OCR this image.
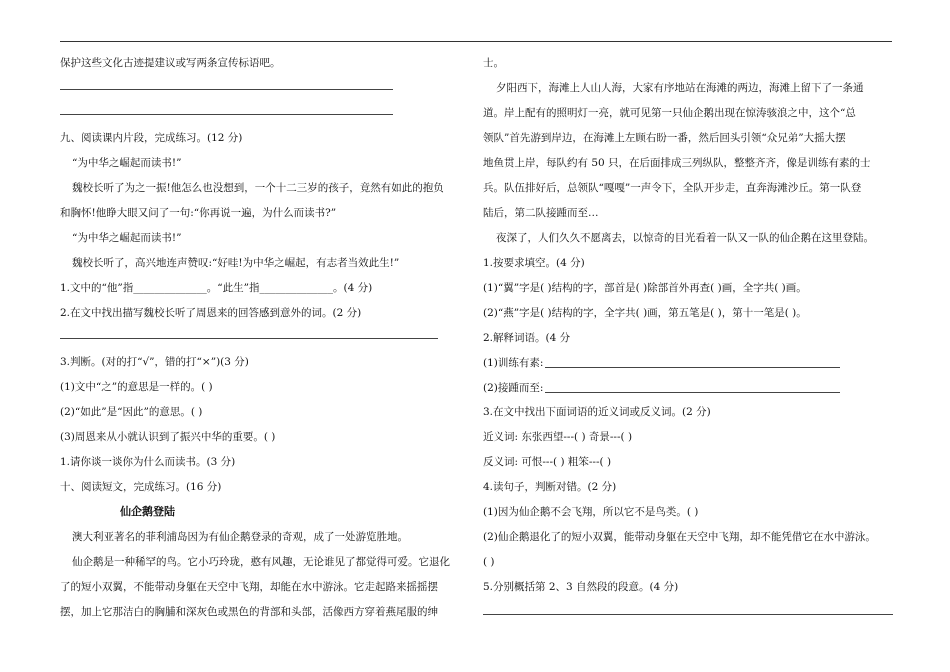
保护这些文化古迹提建议或写两条宣传标语吧。
九、阅读课内片段，完成练习。(12 分)
“为中华之崛起而读书!”
魏校长听了为之一振!他怎么也没想到，一个十二三岁的孩子，竟然有如此的抱负
和胸怀!他睁大眼又问了一句:“你再说一遍，为什么而读书?”
“为中华之崛起而读书!”
魏校长听了，高兴地连声赞叹:“好哇!为中华之崛起，有志者当效此生!”
1.文中的“他”指______________。“此生”指______________。(4 分)
2.在文中找出描写魏校长听了周恩来的回答感到意外的词。(2 分)
3.判断。(对的打“√”，错的打“×”)(3 分)
(1)文中“之”的意思是一样的。( )
(2)“如此”是“因此”的意思。( )
(3)周恩来从小就认识到了振兴中华的重要。( )
1.请你谈一谈你为什么而读书。(3 分)
十、阅读短文，完成练习。(16 分)
仙企鹅登陆
澳大利亚著名的菲利浦岛因为有仙企鹅登录的奇观，成了一处游览胜地。
仙企鹅是一种稀罕的鸟。它小巧玲珑，憨有风趣，无论谁见了都觉得可爱。它退化
了的短小双翼，不能带动身躯在天空中飞翔，却能在水中游泳。它走起路来摇摇摆
摆，加上它那洁白的胸脯和深灰色或黑色的背部和头部，活像西方穿着燕尾服的绅
士。
夕阳西下，海滩上人山人海，大家有序地站在海滩的两边，海滩上留下了一条通
道。岸上配有的照明灯一亮，就可见第一只仙企鹅出现在惊涛骇浪之中，这个“总
领队”首先游到岸边，在海滩上左顾右盼一番，然后回头引领“众兄弟”大摇大摆
地鱼贯上岸，每队约有 50 只，在后面排成三列纵队，整整齐齐，像是训练有素的士
兵。队伍排好后，总领队“嘎嘎”一声令下，全队开步走，直奔海滩沙丘。第一队登
陆后，第二队接踵而至…
夜深了，人们久久不愿离去，以惊奇的目光看着一队又一队的仙企鹅在这里登陆。
1.按要求填空。(4 分)
(1)“翼”字是( )结构的字，部首是( )除部首外再查( )画，全字共( )画。
(2)“燕”字是( )结构的字，全字共( )画，第五笔是( )，第十一笔是( )。
2.解释词语。(4 分
(1)训练有素:
(2)接踵而至:
3.在文中找出下面词语的近义词或反义词。(2 分)
近义词: 东张西望---( ) 奇景---( )
反义词: 可恨---( ) 粗笨---( )
4.读句子，判断对错。(2 分)
(1)因为仙企鹅不会飞翔，所以它不是鸟类。( )
(2)仙企鹅退化了的短小双翼，能带动身躯在天空中飞翔，却不能凭借它在水中游泳。
( )
5.分别概括第 2、3 自然段的段意。(4 分)
